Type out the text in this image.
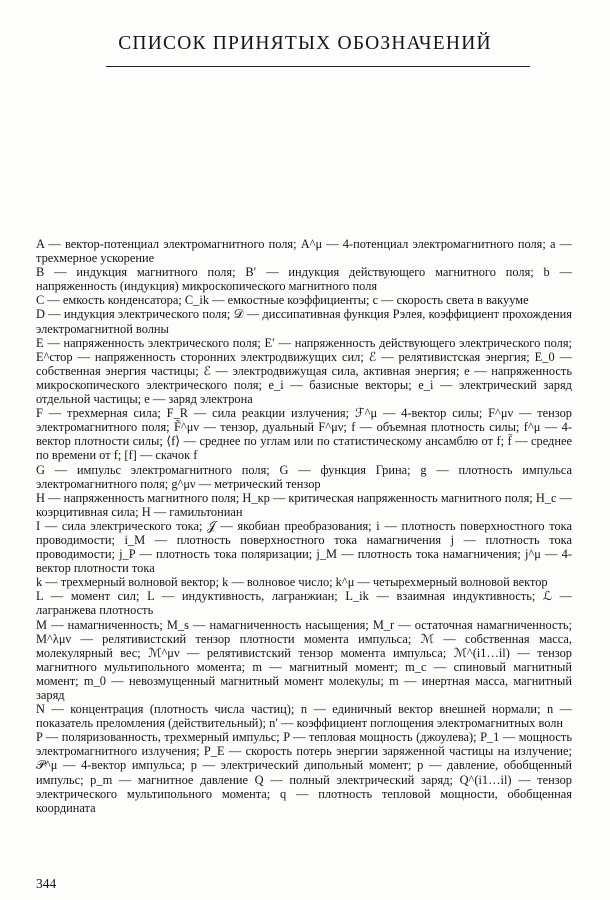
СПИСОК ПРИНЯТЫХ ОБОЗНАЧЕНИЙ

A — вектор-потенциал электромагнитного поля; A^μ — 4-потенциал электромагнитного поля; a — трехмерное ускорение

B — индукция магнитного поля; B′ — индукция действующего магнитного поля; b — напряженность (индукция) микроскопического магнитного поля

C — емкость конденсатора; C_ik — емкостные коэффициенты; c — скорость света в вакууме

D — индукция электрического поля; 𝒟 — диссипативная функция Рэлея, коэффициент прохождения электромагнитной волны

E — напряженность электрического поля; E′ — напряженность действующего электрического поля; E^стор — напряженность сторонних электродвижущих сил; ℰ — релятивистская энергия; E_0 — собственная энергия частицы; ℰ — электродвижущая сила, активная энергия; e — напряженность микроскопического электрического поля; e_i — базисные векторы; e_i — электрический заряд отдельной частицы; e — заряд электрона

F — трехмерная сила; F_R — сила реакции излучения; ℱ^μ — 4-вектор силы; F^μν — тензор электромагнитного поля; F̃^μν — тензор, дуальный F^μν; f — объемная плотность силы; f^μ — 4-вектор плотности силы; ⟨f⟩ — среднее по углам или по статистическому ансамблю от f; f̄ — среднее по времени от f; [f] — скачок f

G — импульс электромагнитного поля; G — функция Грина; g — плотность импульса электромагнитного поля; g^μν — метрический тензор

H — напряженность магнитного поля; H_кр — критическая напряженность магнитного поля; H_c — коэрцитивная сила; H — гамильтониан

I — сила электрического тока; 𝒥 — якобиан преобразования; i — плотность поверхностного тока проводимости; i_M — плотность поверхностного тока намагничения j — плотность тока проводимости; j_P — плотность тока поляризации; j_M — плотность тока намагничения; j^μ — 4-вектор плотности тока

k — трехмерный волновой вектор; k — волновое число; k^μ — четырехмерный волновой вектор

L — момент сил; L — индуктивность, лагранжиан; L_ik — взаимная индуктивность; ℒ — лагранжева плотность

M — намагниченность; M_s — намагниченность насыщения; M_r — остаточная намагниченность; M^λμν — релятивистский тензор плотности момента импульса; ℳ — собственная масса, молекулярный вес; ℳ^μν — релятивистский тензор момента импульса; ℳ^(i1…il) — тензор магнитного мультипольного момента; m — магнитный момент; m_c — спиновый магнитный момент; m_0 — невозмущенный магнитный момент молекулы; m — инертная масса, магнитный заряд

N — концентрация (плотность числа частиц); n — единичный вектор внешней нормали; n — показатель преломления (действительный); n′ — коэффициент поглощения электромагнитных волн

P — поляризованность, трехмерный импульс; P — тепловая мощность (джоулева); P_1 — мощность электромагнитного излучения; P_E — скорость потерь энергии заряженной частицы на излучение; 𝒫^μ — 4-вектор импульса; p — электрический дипольный момент; p — давление, обобщенный импульс; p_m — магнитное давление Q — полный электрический заряд; Q^(i1…il) — тензор электрического мультипольного момента; q — плотность тепловой мощности, обобщенная координата

344
